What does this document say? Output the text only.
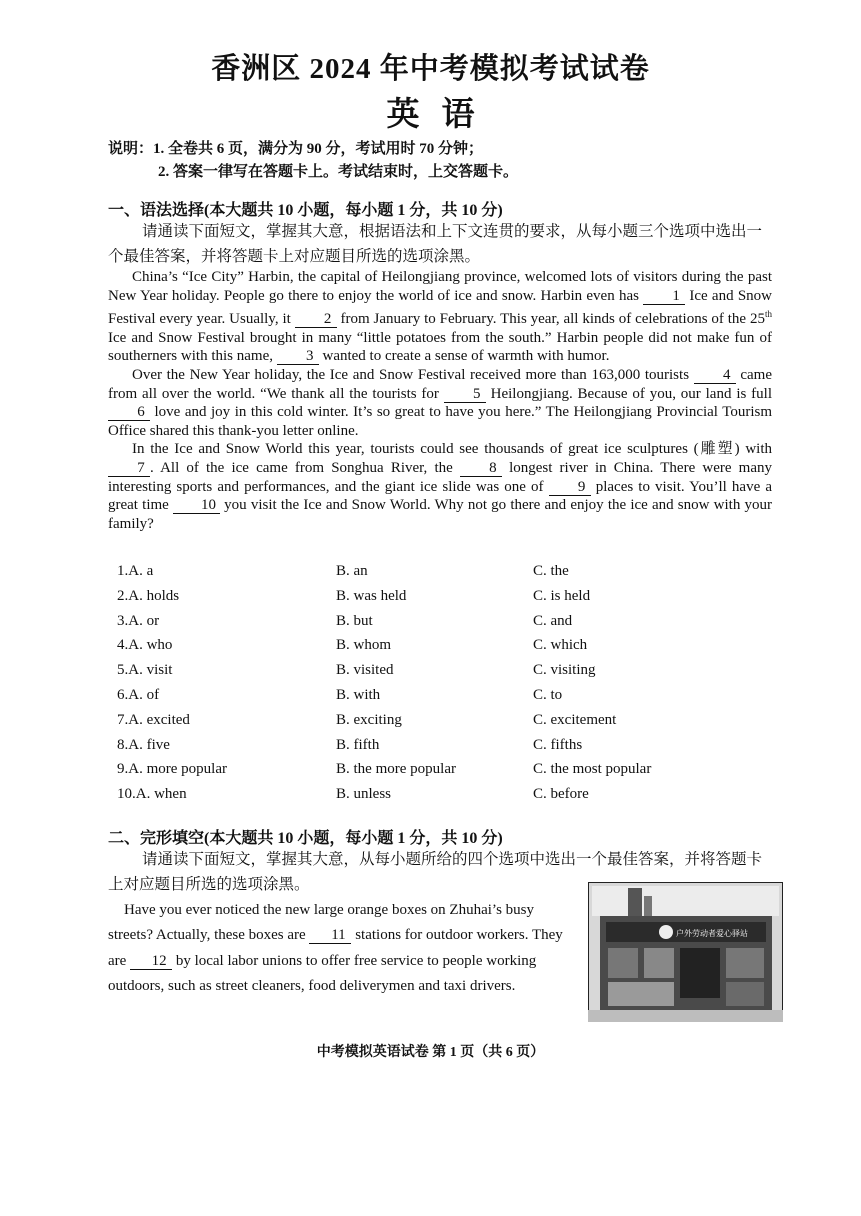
香洲区 2024 年中考模拟考试试卷
英语
说明：1. 全卷共 6 页，满分为 90 分，考试用时 70 分钟；
2. 答案一律写在答题卡上。考试结束时，上交答题卡。
一、语法选择(本大题共 10 小题，每小题 1 分，共 10 分)
请通读下面短文，掌握其大意，根据语法和上下文连贯的要求，从每小题三个选项中选出一个最佳答案，并将答题卡上对应题目所选的选项涂黑。

China’s “Ice City” Harbin, the capital of Heilongjiang province, welcomed lots of visitors during the past New Year holiday. People go there to enjoy the world of ice and snow. Harbin even has 1 Ice and Snow Festival every year. Usually, it 2 from January to February. This year, all kinds of celebrations of the 25th Ice and Snow Festival brought in many “little potatoes from the south.” Harbin people did not make fun of southerners with this name, 3 wanted to create a sense of warmth with humor.

Over the New Year holiday, the Ice and Snow Festival received more than 163,000 tourists 4 came from all over the world. “We thank all the tourists for 5 Heilongjiang. Because of you, our land is full 6 love and joy in this cold winter. It’s so great to have you here.” The Heilongjiang Provincial Tourism Office shared this thank-you letter online.

In the Ice and Snow World this year, tourists could see thousands of great ice sculptures (雕塑) with 7 . All of the ice came from Songhua River, the 8 longest river in China. There were many interesting sports and performances, and the giant ice slide was one of 9 places to visit. You’ll have a great time 10 you visit the Ice and Snow World. Why not go there and enjoy the ice and snow with your family?

1.A. a	B. an	C. the
2.A. holds	B. was held	C. is held
3.A. or	B. but	C. and
4.A. who	B. whom	C. which
5.A. visit	B. visited	C. visiting
6.A. of	B. with	C. to
7.A. excited	B. exciting	C. excitement
8.A. five	B. fifth	C. fifths
9.A. more popular	B. the more popular	C. the most popular
10.A. when	B. unless	C. before
二、完形填空(本大题共 10 小题，每小题 1 分，共 10 分)
请通读下面短文，掌握其大意，从每小题所给的四个选项中选出一个最佳答案，并将答题卡上对应题目所选的选项涂黑。

Have you ever noticed the new large orange boxes on Zhuhai’s busy streets? Actually, these boxes are 11 stations for outdoor workers. They are 12 by local labor unions to offer free service to people working outdoors, such as street cleaners, food deliverymen and taxi drivers.

户外劳动者爱心驿站
中考模拟英语试卷 第 1 页（共 6 页）
